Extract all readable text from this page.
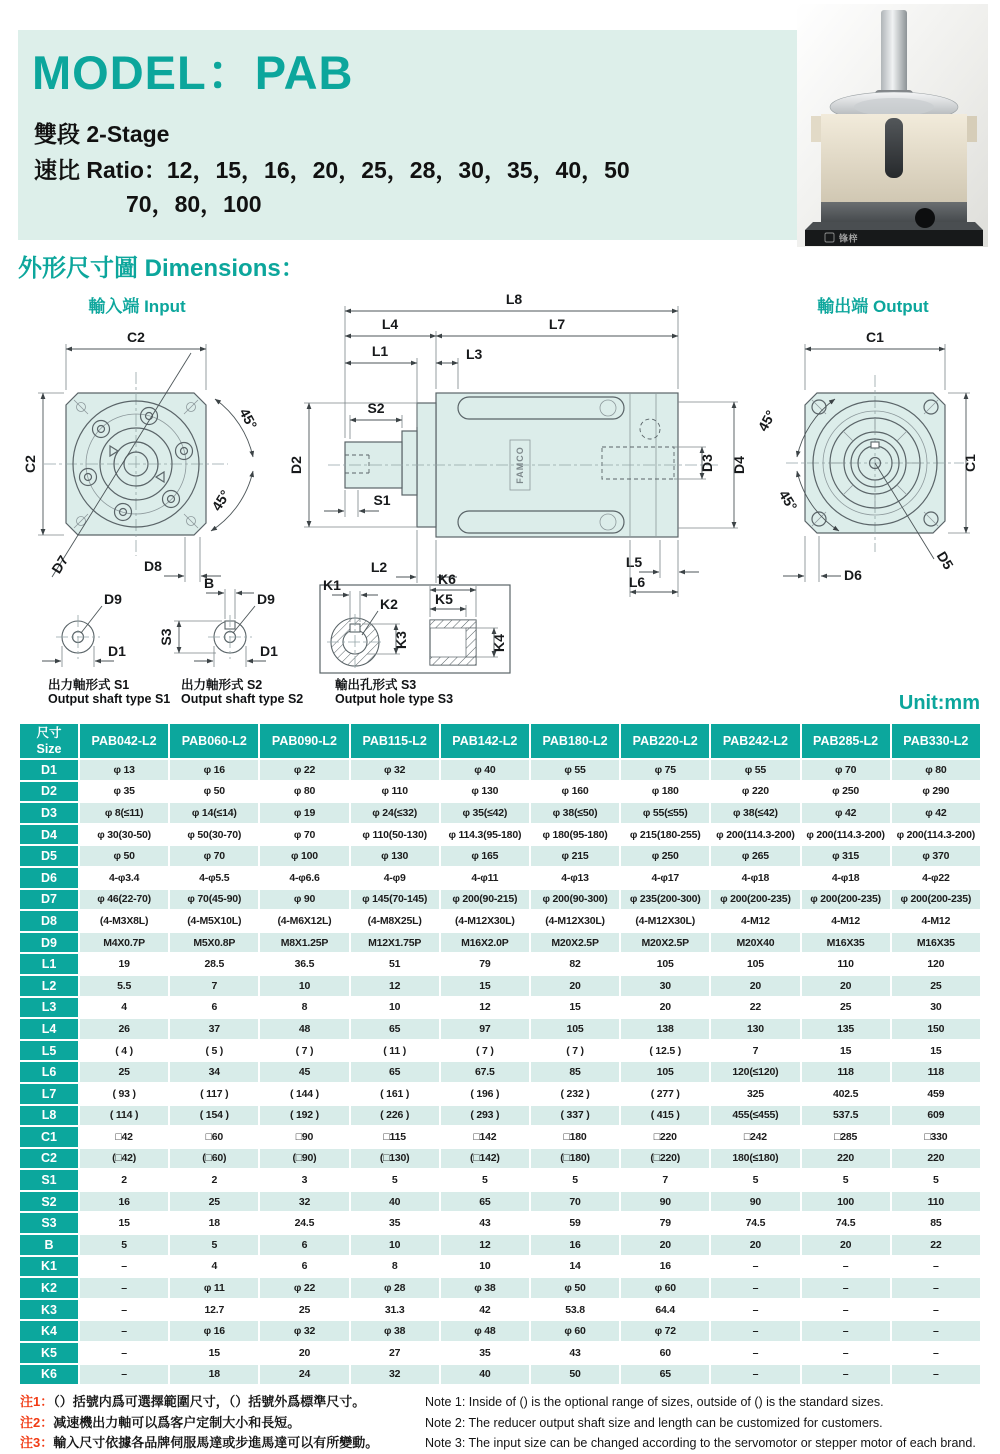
MODEL：PAB
雙段 2-Stage
速比 Ratio：12，15，16，20，25，28，30，35，40，50
70，80，100
锋梓
外形尺寸圖 Dimensions：
Unit:mm
輸入端 Input
C2
C2
45°
45°
D7	D8
FAMCO
L8
L4	L7
L1	L3
S2
S1
D2
L2	L5
L6
D3 D4
輸出端 Output
C1
C1
45°
45°
D6
D5
D9
D1
出力軸形式 S1
Output shaft type S1
B
S3
D9
D1
出力軸形式 S2
Output shaft type S2
K1
K2
K3
K6
K5
K4
輸出孔形式 S3
Output hole type S3
尺寸
Size	PAB042-L2	PAB060-L2	PAB090-L2	PAB115-L2	PAB142-L2	PAB180-L2	PAB220-L2	PAB242-L2	PAB285-L2	PAB330-L2
D1	φ 13	φ 16	φ 22	φ 32	φ 40	φ 55	φ 75	φ 55	φ 70	φ 80
D2	φ 35	φ 50	φ 80	φ 110	φ 130	φ 160	φ 180	φ 220	φ 250	φ 290
D3	φ 8(≤11)	φ 14(≤14)	φ 19	φ 24(≤32)	φ 35(≤42)	φ 38(≤50)	φ 55(≤55)	φ 38(≤42)	φ 42	φ 42
D4	φ 30(30-50)	φ 50(30-70)	φ 70	φ 110(50-130)	φ 114.3(95-180)	φ 180(95-180)	φ 215(180-255)	φ 200(114.3-200)	φ 200(114.3-200)	φ 200(114.3-200)
D5	φ 50	φ 70	φ 100	φ 130	φ 165	φ 215	φ 250	φ 265	φ 315	φ 370
D6	4-φ3.4	4-φ5.5	4-φ6.6	4-φ9	4-φ11	4-φ13	4-φ17	4-φ18	4-φ18	4-φ22
D7	φ 46(22-70)	φ 70(45-90)	φ 90	φ 145(70-145)	φ 200(90-215)	φ 200(90-300)	φ 235(200-300)	φ 200(200-235)	φ 200(200-235)	φ 200(200-235)
D8	(4-M3X8L)	(4-M5X10L)	(4-M6X12L)	(4-M8X25L)	(4-M12X30L)	(4-M12X30L)	(4-M12X30L)	4-M12	4-M12	4-M12
D9	M4X0.7P	M5X0.8P	M8X1.25P	M12X1.75P	M16X2.0P	M20X2.5P	M20X2.5P	M20X40	M16X35	M16X35
L1	19	28.5	36.5	51	79	82	105	105	110	120
L2	5.5	7	10	12	15	20	30	20	20	25
L3	4	6	8	10	12	15	20	22	25	30
L4	26	37	48	65	97	105	138	130	135	150
L5	( 4 )	( 5 )	( 7 )	( 11 )	( 7 )	( 7 )	( 12.5 )	7	15	15
L6	25	34	45	65	67.5	85	105	120(≤120)	118	118
L7	( 93 )	( 117 )	( 144 )	( 161 )	( 196 )	( 232 )	( 277 )	325	402.5	459
L8	( 114 )	( 154 )	( 192 )	( 226 )	( 293 )	( 337 )	( 415 )	455(≤455)	537.5	609
C1	□42	□60	□90	□115	□142	□180	□220	□242	□285	□330
C2	(□42)	(□60)	(□90)	(□130)	(□142)	(□180)	(□220)	180(≤180)	220	220
S1	2	2	3	5	5	5	7	5	5	5
S2	16	25	32	40	65	70	90	90	100	110
S3	15	18	24.5	35	43	59	79	74.5	74.5	85
B	5	5	6	10	12	16	20	20	20	22
K1	–	4	6	8	10	14	16	–	–	–
K2	–	φ 11	φ 22	φ 28	φ 38	φ 50	φ 60	–	–	–
K3	–	12.7	25	31.3	42	53.8	64.4	–	–	–
K4	–	φ 16	φ 32	φ 38	φ 48	φ 60	φ 72	–	–	–
K5	–	15	20	27	35	43	60	–	–	–
K6	–	18	24	32	40	50	65	–	–	–
注1：（）括號内爲可選擇範圍尺寸，（）括號外爲標準尺寸。
注2：减速機出力軸可以爲客户定制大小和長短。
注3：輸入尺寸依據各品牌伺服馬達或步進馬達可以有所變動。
Note 1: Inside of () is the optional range of sizes, outside of () is the standard sizes.
Note 2: The reducer output shaft size and length can be customized for customers.
Note 3: The input size can be changed according to the servomotor or stepper motor of each brand.
